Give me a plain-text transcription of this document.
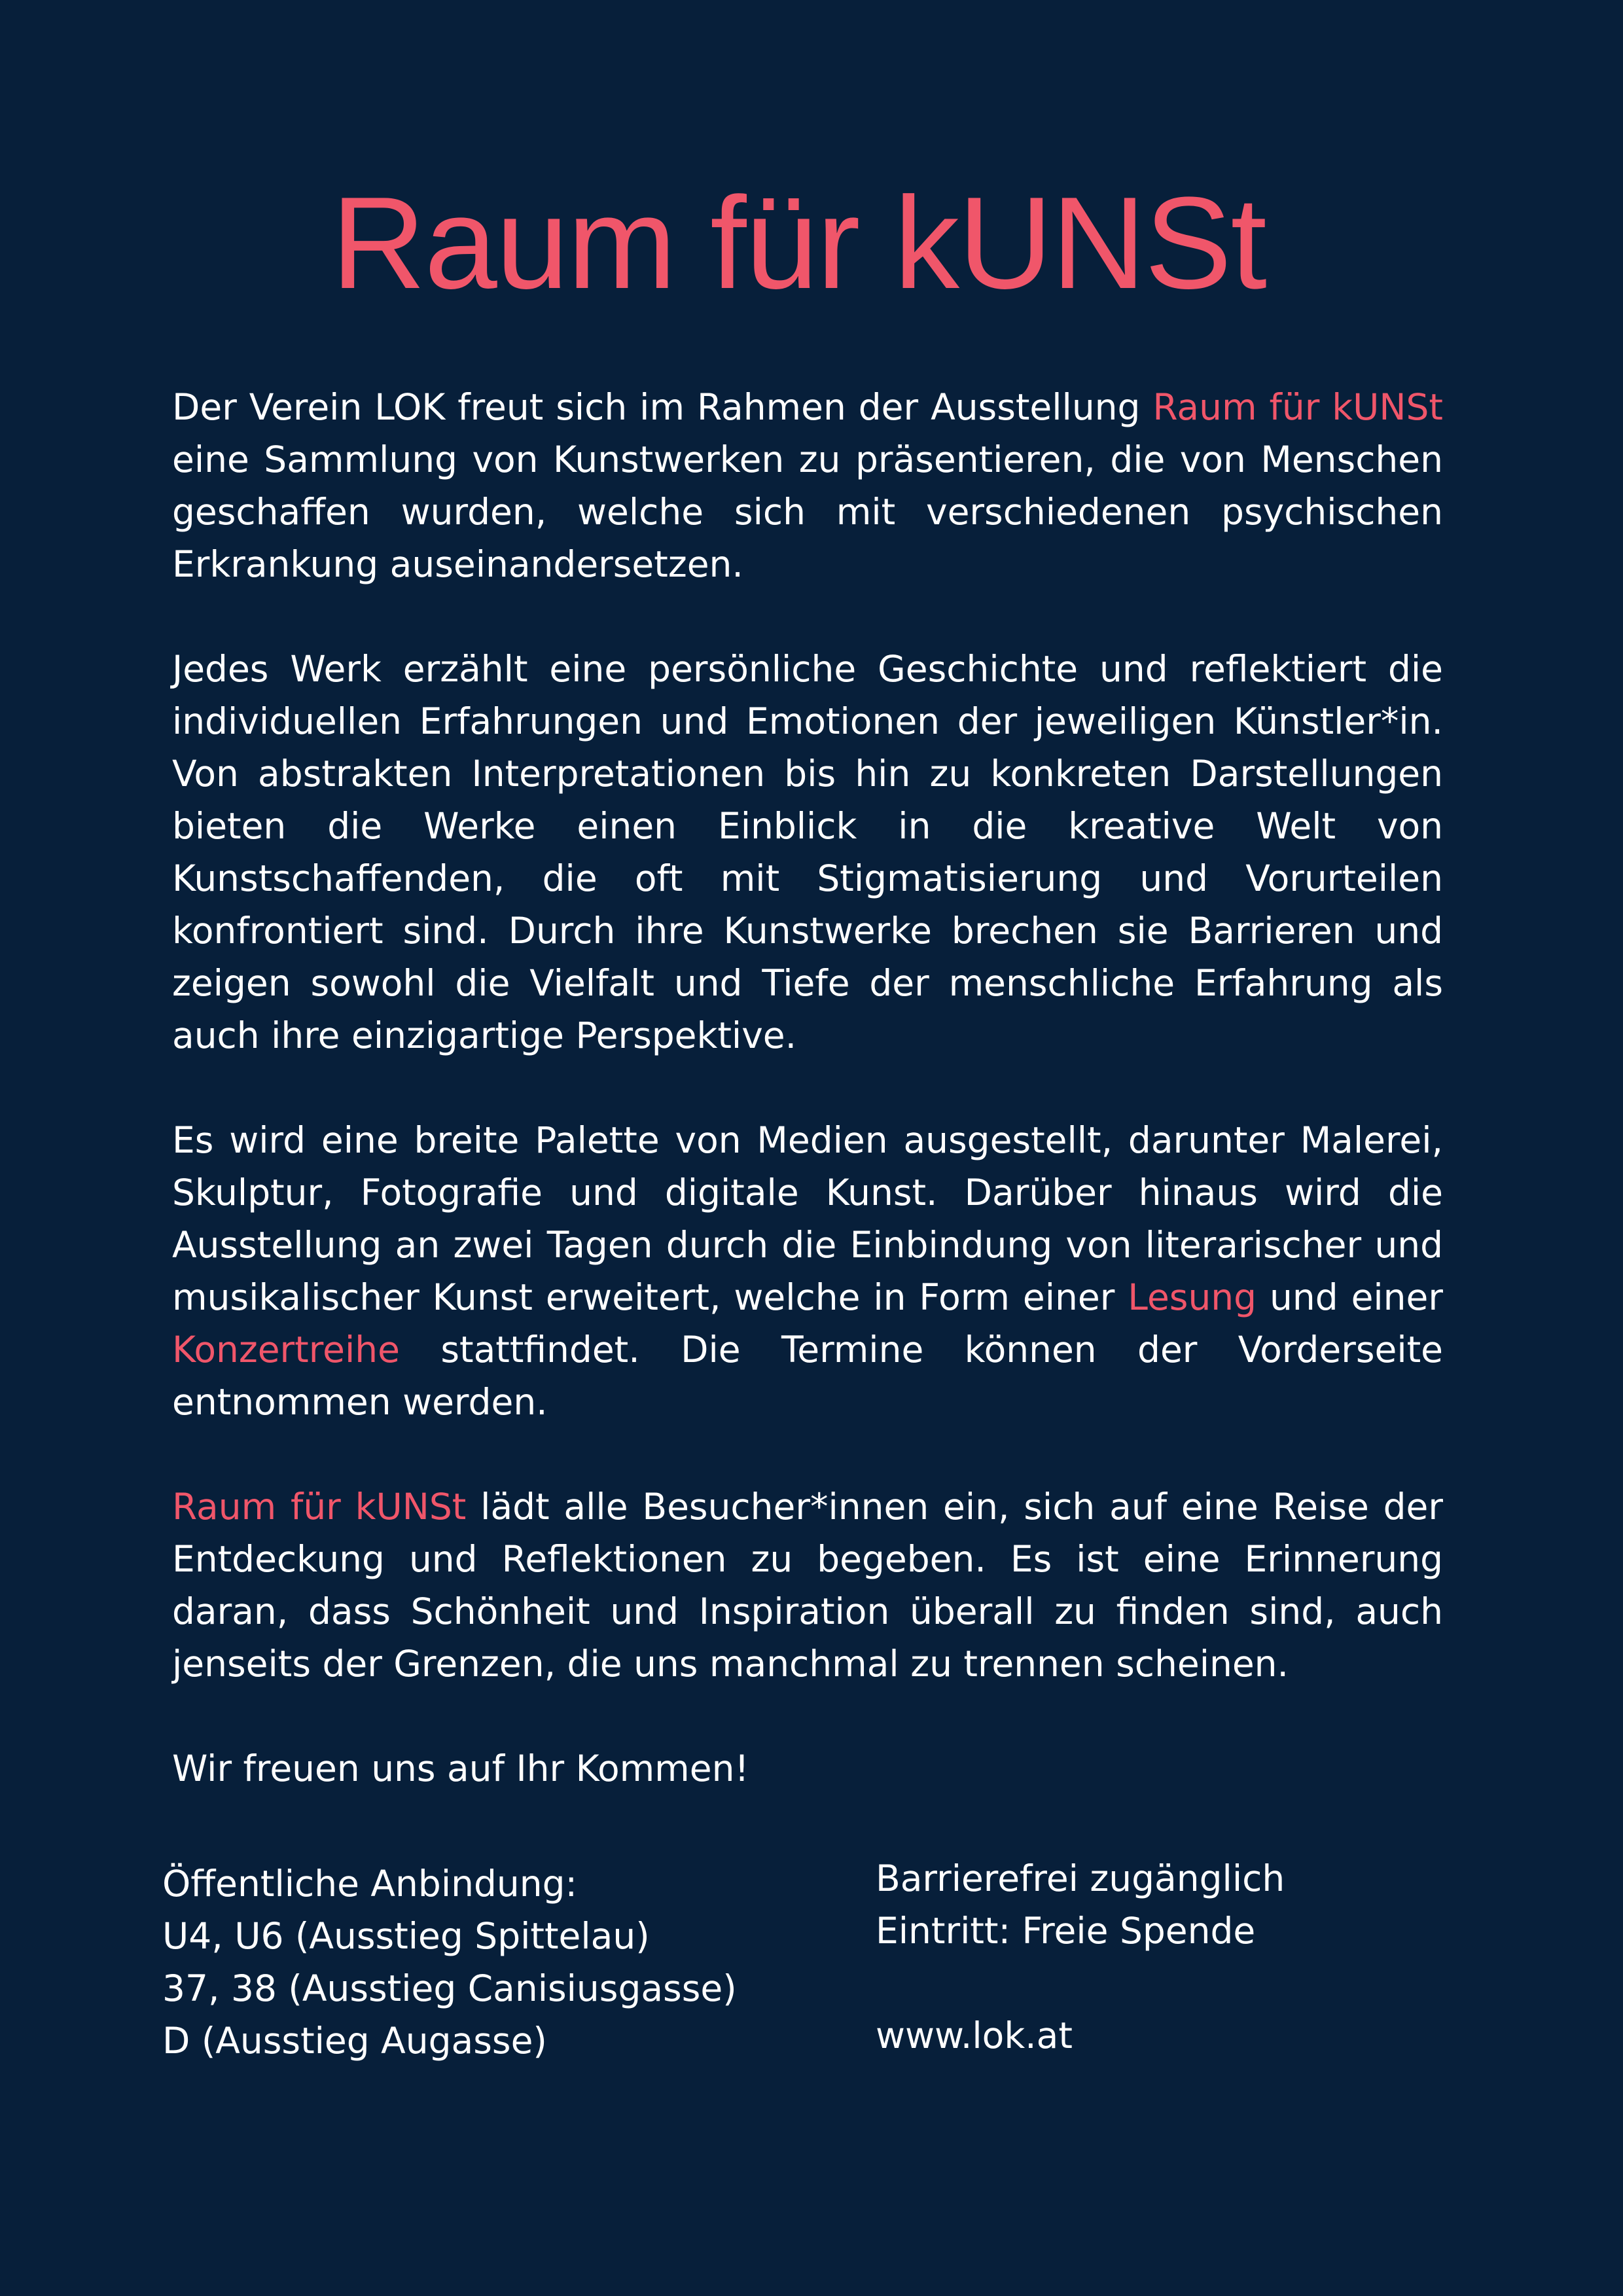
Raum für kUNSt

Der Verein LOK freut sich im Rahmen der Ausstellung Raum für kUNSt eine Sammlung von Kunstwerken zu präsentieren, die von Menschen geschaffen wurden, welche sich mit verschiedenen psychischen Erkrankung auseinandersetzen.

Jedes Werk erzählt eine persönliche Geschichte und reflektiert die individuellen Erfahrungen und Emotionen der jeweiligen Künstler*in. Von abstrakten Interpretationen bis hin zu konkreten Darstellungen bieten die Werke einen Einblick in die kreative Welt von Kunstschaffenden, die oft mit Stigmatisierung und Vorurteilen konfrontiert sind. Durch ihre Kunstwerke brechen sie Barrieren und zeigen sowohl die Vielfalt und Tiefe der menschliche Erfahrung als auch ihre einzigartige Perspektive.

Es wird eine breite Palette von Medien ausgestellt, darunter Malerei, Skulptur, Fotografie und digitale Kunst. Darüber hinaus wird die Ausstellung an zwei Tagen durch die Einbindung von literarischer und musikalischer Kunst erweitert, welche in Form einer Lesung und einer Konzertreihe stattfindet. Die Termine können der Vorderseite entnommen werden.

Raum für kUNSt lädt alle Besucher*innen ein, sich auf eine Reise der Entdeckung und Reflektionen zu begeben. Es ist eine Erinnerung daran, dass Schönheit und Inspiration überall zu finden sind, auch jenseits der Grenzen, die uns manchmal zu trennen scheinen.

Wir freuen uns auf Ihr Kommen!

Öffentliche Anbindung:
U4, U6 (Ausstieg Spittelau)
37, 38 (Ausstieg Canisiusgasse)
D (Ausstieg Augasse)
Barrierefrei zugänglich
Eintritt: Freie Spende
www.lok.at
